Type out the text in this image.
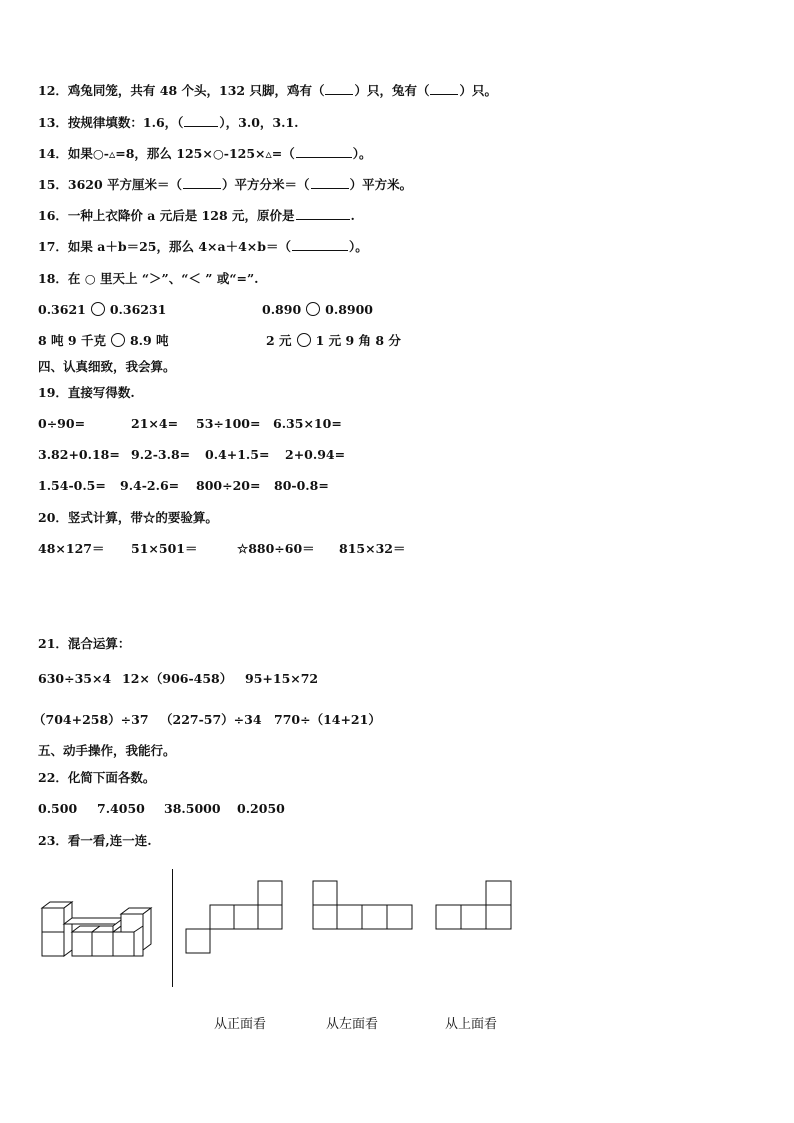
12．鸡兔同笼，共有 48 个头，132 只脚，鸡有（ ）只，兔有（ ）只。
13．按规律填数：1.6，（	），3.0，3.1.
14．如果○-▵=8，那么 125×○-125×▵=（	）。
15．3620 平方厘米＝（	）平方分米＝（	）平方米。
16．一种上衣降价 a 元后是 128 元，原价是	.
17．如果 a＋b＝25，那么 4×a＋4×b＝（	）。
18．在 ○ 里天上 “＞”、“＜ ” 或“=”.
0.3621 0.36231	0.890 0.8900
8 吨 9 千克 8.9 吨	2 元 1 元 9 角 8 分
四、认真细致，我会算。
19．直接写得数.
0÷90=	21×4= 53÷100= 6.35×10=
3.82+0.18= 9.2-3.8= 0.4+1.5= 2+0.94=
1.54-0.5= 9.4-2.6= 800÷20= 80-0.8=
20．竖式计算，带☆的要验算。
48×127＝ 51×501＝	☆880÷60＝ 815×32＝
21．混合运算：
630÷35×4 12×（906-458） 95+15×72
（704+258）÷37 （227-57）÷34 770÷（14+21）
五、动手操作，我能行。
22．化简下面各数。
0.500 7.4050 38.5000 0.2050
23．看一看,连一连.
从正面看	从左面看	从上面看
